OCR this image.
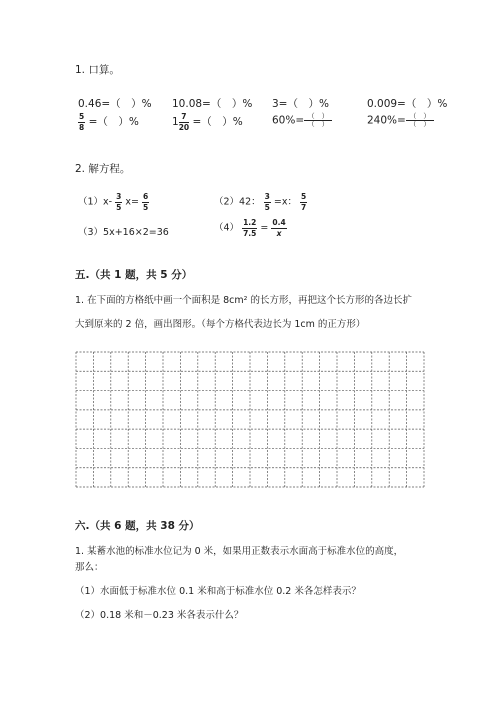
1. 口算。
0.46=（　）% 10.08=（　）% 3=（　）%	0.009=（　）%
$\frac{5}{8}$ =（　）%	$1 \frac{7}{20}$ =（　）%	$60\%= \frac{( )}{( )}$	$240\%= \frac{( )}{( )}$
2. 解方程。
$(1)x- \frac{3}{5} x= \frac{6}{5}$	（2）42： $\frac{3}{5} =x$： $\frac{5}{7}$
（3）5x+16×2=36	$(4) \frac{1.2}{7.5} = \frac{0.4}{x}$
五.（共 1 题，共 5 分）
1. 在下面的方格纸中画一个面积是 8cm² 的长方形，再把这个长方形的各边长扩
大到原来的 2 倍，画出图形。（每个方格代表边长为 1cm 的正方形）
六.（共 6 题，共 38 分）
1. 某蓄水池的标准水位记为 0 米，如果用正数表示水面高于标准水位的高度，
那么：
（1）水面低于标准水位 0.1 米和高于标准水位 0.2 米各怎样表示？
（2）0.18 米和－0.23 米各表示什么？
